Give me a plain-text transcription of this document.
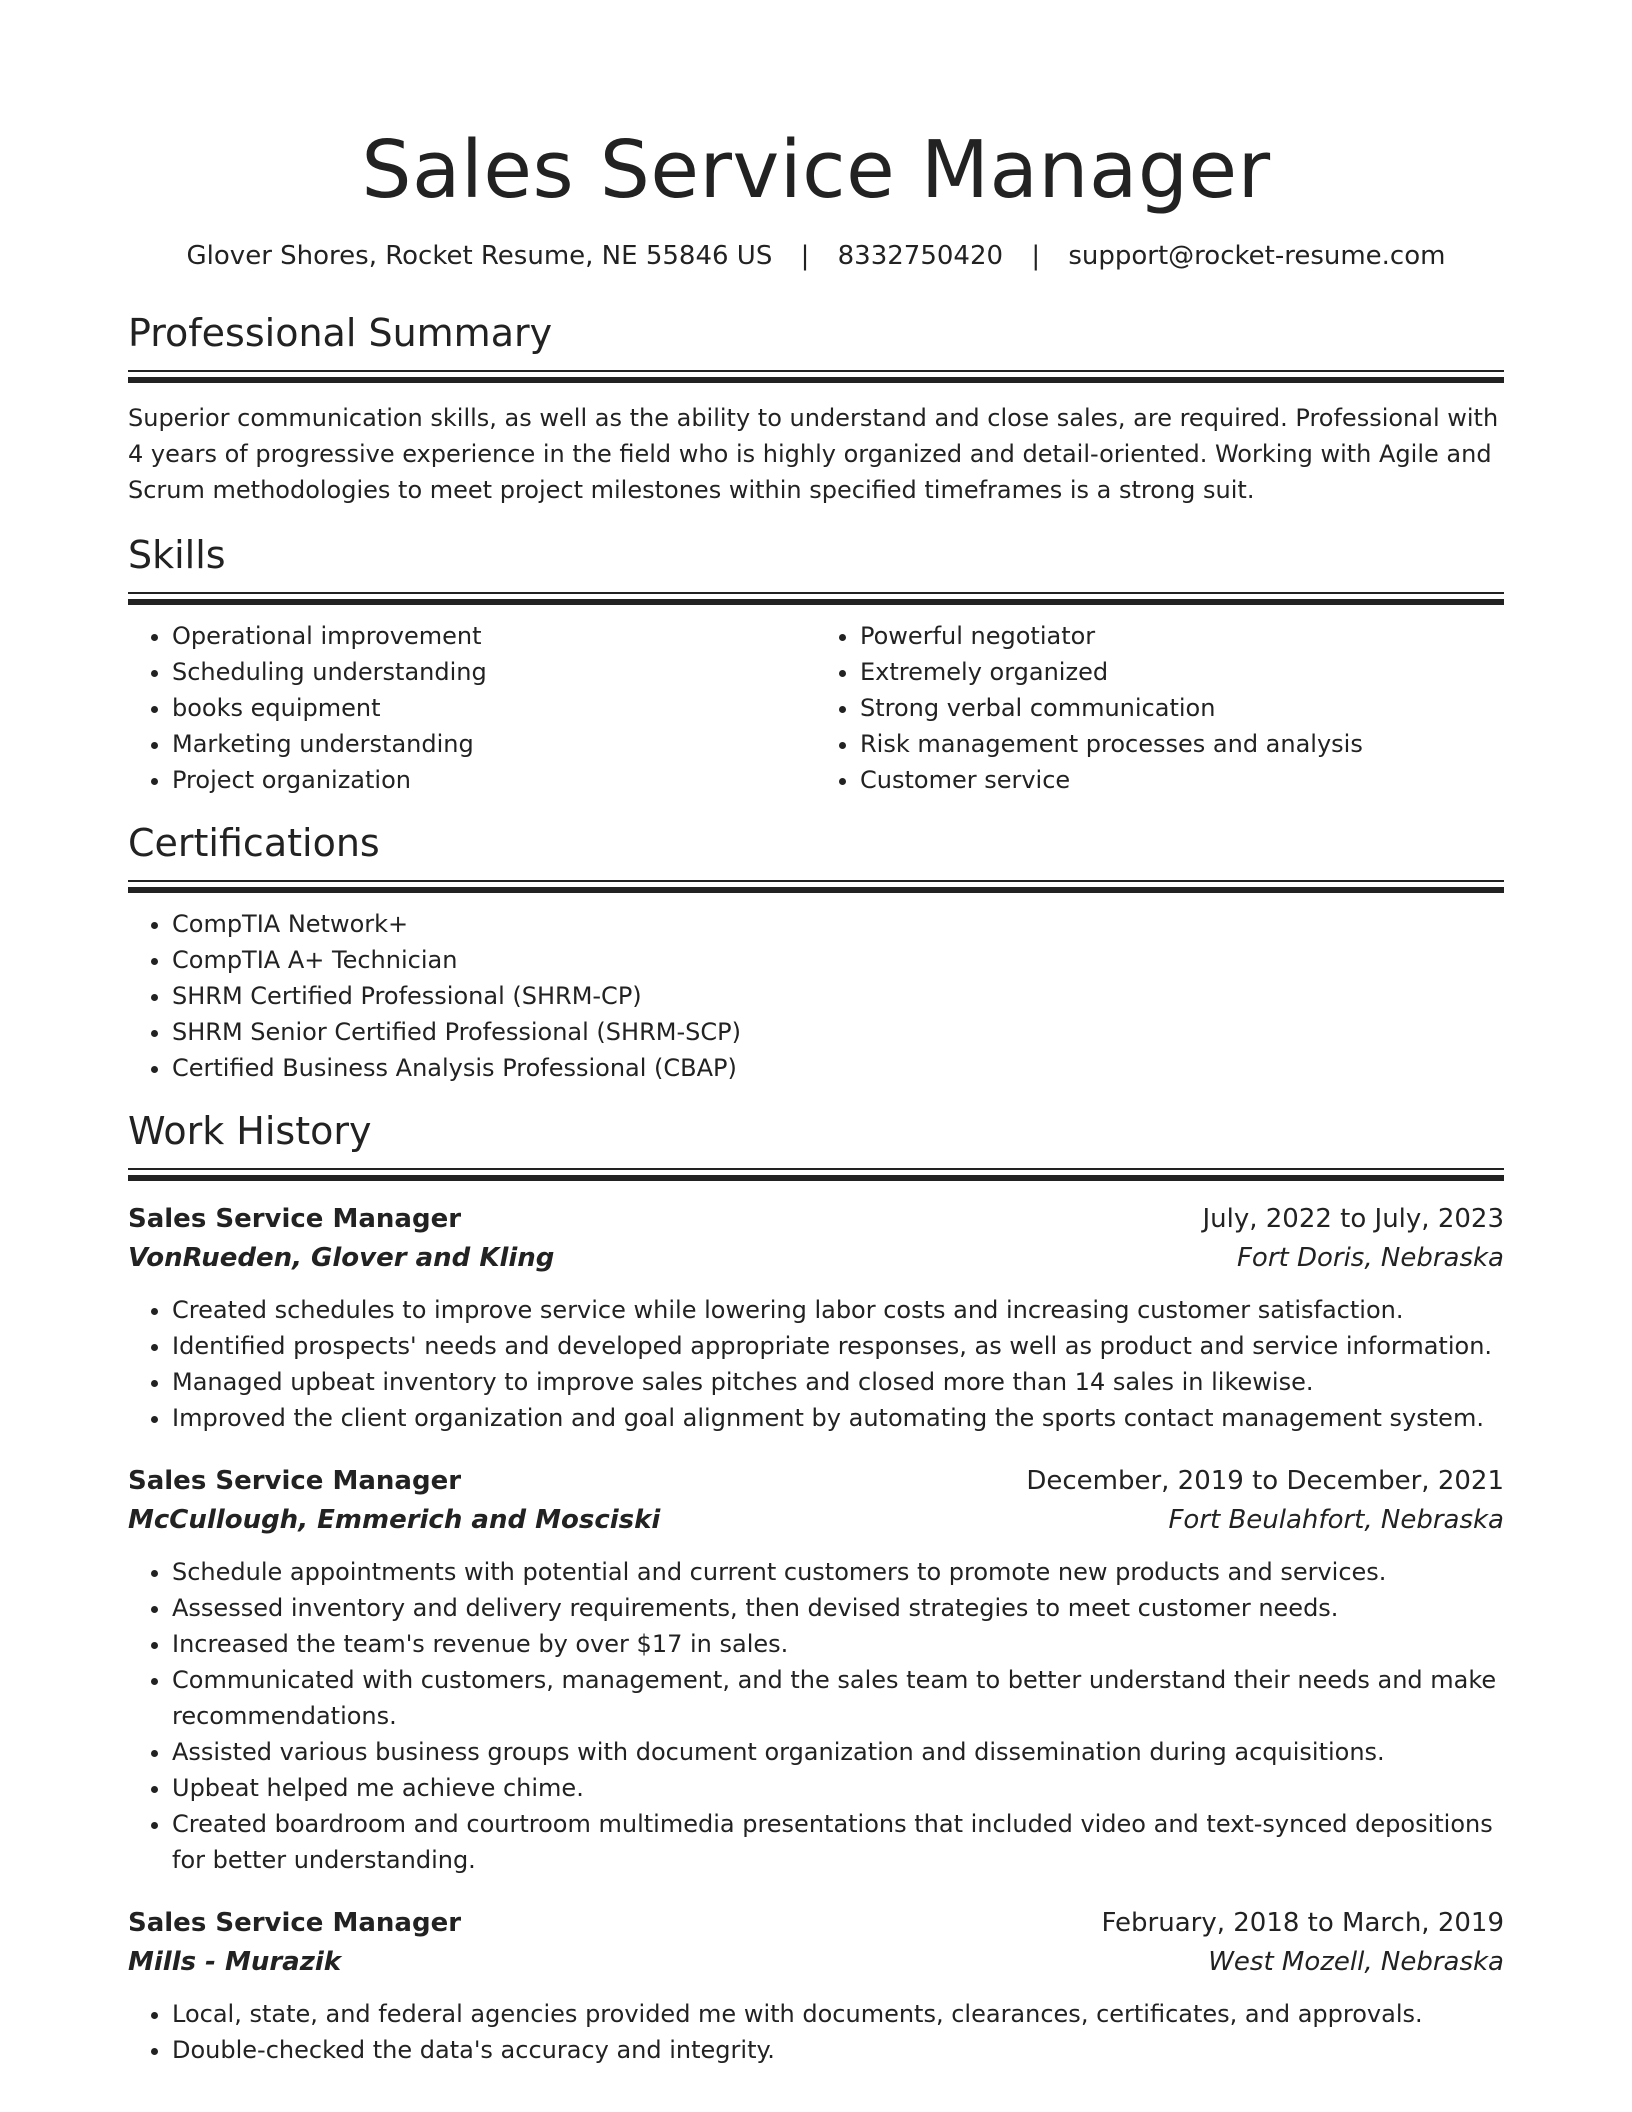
Sales Service Manager
Glover Shores, Rocket Resume, NE 55846 US | 8332750420 | support@rocket-resume.com
Professional Summary

Superior communication skills, as well as the ability to understand and close sales, are required. Professional with 4 years of progressive experience in the field who is highly organized and detail-oriented. Working with Agile and Scrum methodologies to meet project milestones within specified timeframes is a strong suit.

Skills
• Operational improvement
• Scheduling understanding
• books equipment
• Marketing understanding
• Project organization
• Powerful negotiator
• Extremely organized
• Strong verbal communication
• Risk management processes and analysis
• Customer service
Certifications
• CompTIA Network+
• CompTIA A+ Technician
• SHRM Certified Professional (SHRM-CP)
• SHRM Senior Certified Professional (SHRM-SCP)
• Certified Business Analysis Professional (CBAP)
Work History
Sales Service Manager	July, 2022 to July, 2023
VonRueden, Glover and Kling	Fort Doris, Nebraska
• Created schedules to improve service while lowering labor costs and increasing customer satisfaction.
• Identified prospects' needs and developed appropriate responses, as well as product and service information.
• Managed upbeat inventory to improve sales pitches and closed more than 14 sales in likewise.
• Improved the client organization and goal alignment by automating the sports contact management system.
Sales Service Manager	December, 2019 to December, 2021
McCullough, Emmerich and Mosciski	Fort Beulahfort, Nebraska
• Schedule appointments with potential and current customers to promote new products and services.
• Assessed inventory and delivery requirements, then devised strategies to meet customer needs.
• Increased the team's revenue by over $17 in sales.
• Communicated with customers, management, and the sales team to better understand their needs and make recommendations.
• Assisted various business groups with document organization and dissemination during acquisitions.
• Upbeat helped me achieve chime.
• Created boardroom and courtroom multimedia presentations that included video and text-synced depositions for better understanding.
Sales Service Manager	February, 2018 to March, 2019
Mills - Murazik	West Mozell, Nebraska
• Local, state, and federal agencies provided me with documents, clearances, certificates, and approvals.
• Double-checked the data's accuracy and integrity.
